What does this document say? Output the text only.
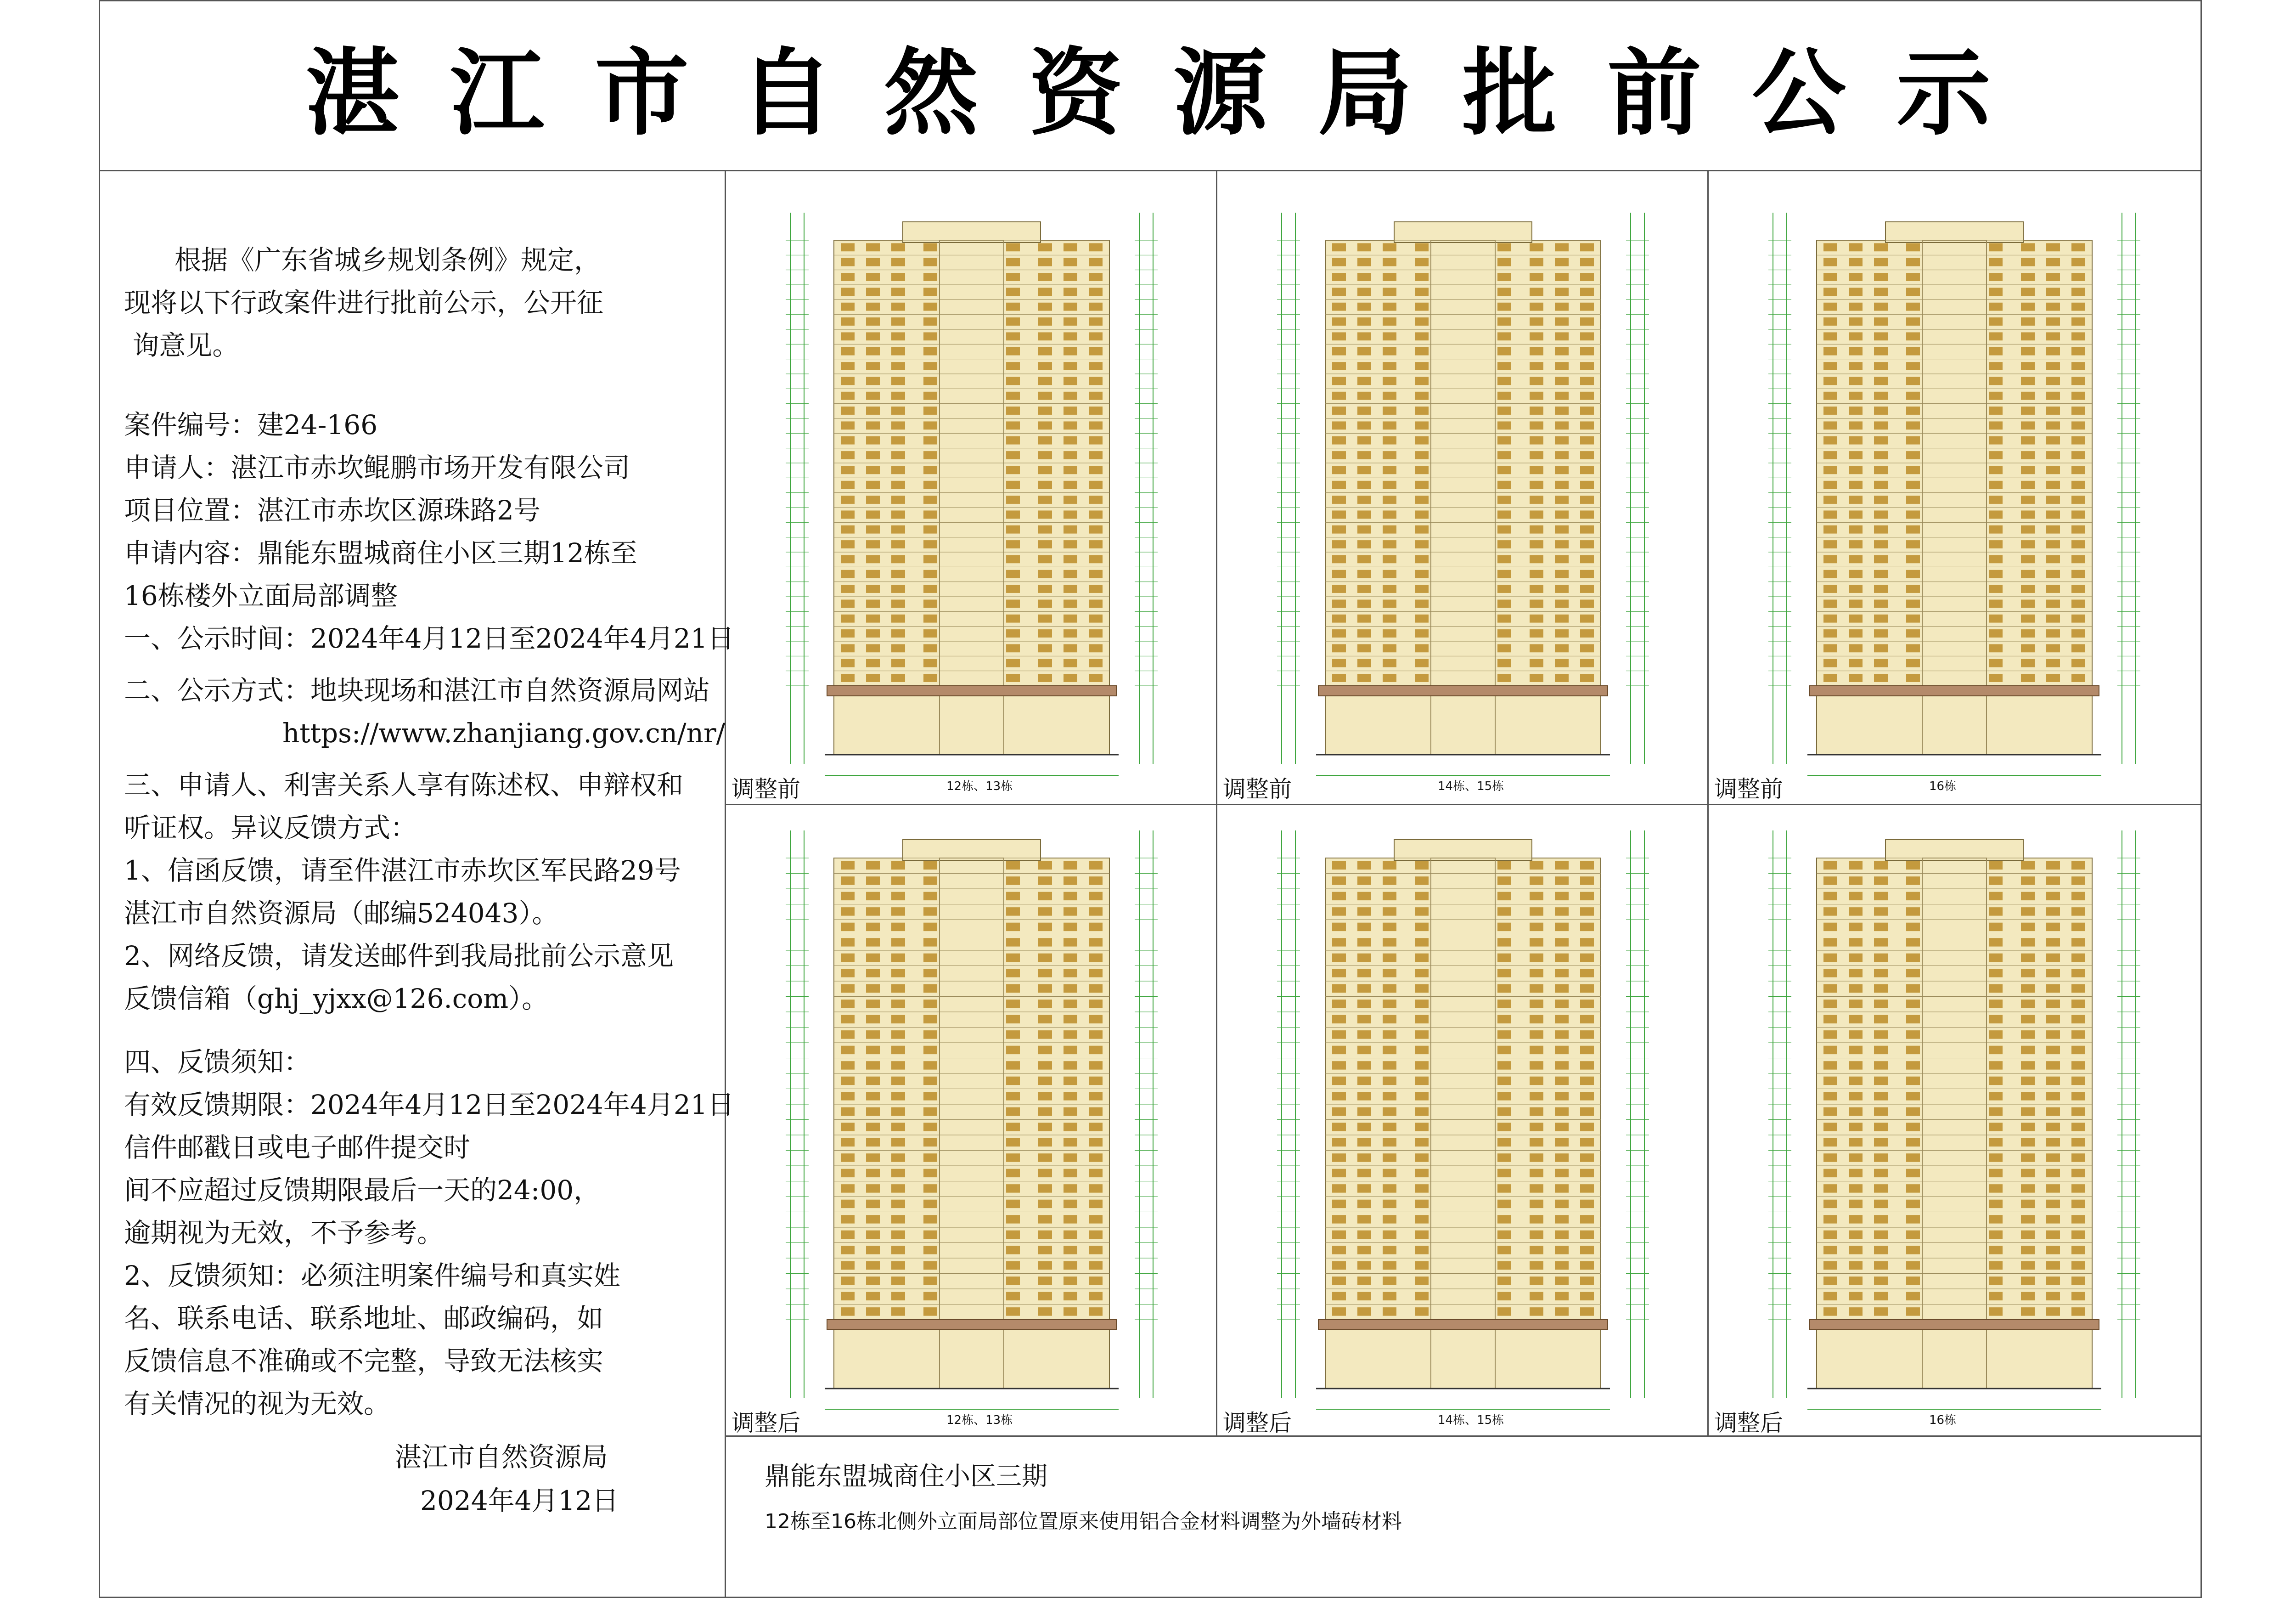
湛江市自然资源局批前公示

根据《广东省城乡规划条例》规定，

现将以下行政案件进行批前公示，公开征

询意见。

案件编号：建24-166

申请人：湛江市赤坎鲲鹏市场开发有限公司

项目位置：湛江市赤坎区源珠路2号

申请内容：鼎能东盟城商住小区三期12栋至

16栋楼外立面局部调整

一、公示时间：2024年4月12日至2024年4月21日

二、公示方式：地块现场和湛江市自然资源局网站

https://www.zhanjiang.gov.cn/nr/

三、申请人、利害关系人享有陈述权、申辩权和

听证权。异议反馈方式：

1、信函反馈，请至件湛江市赤坎区军民路29号

湛江市自然资源局（邮编524043）。

2、网络反馈，请发送邮件到我局批前公示意见

反馈信箱（ghj_yjxx@126.com）。

四、反馈须知：

有效反馈期限：2024年4月12日至2024年4月21日

信件邮戳日或电子邮件提交时

间不应超过反馈期限最后一天的24:00，

逾期视为无效，不予参考。

2、反馈须知：必须注明案件编号和真实姓

名、联系电话、联系地址、邮政编码，如

反馈信息不准确或不完整，导致无法核实

有关情况的视为无效。

湛江市自然资源局

2024年4月12日

调整前	12栋、13栋	调整前	14栋、15栋	调整前	16栋
调整后	12栋、13栋	调整后	14栋、15栋	调整后	16栋
鼎能东盟城商住小区三期
12栋至16栋北侧外立面局部位置原来使用铝合金材料调整为外墙砖材料
